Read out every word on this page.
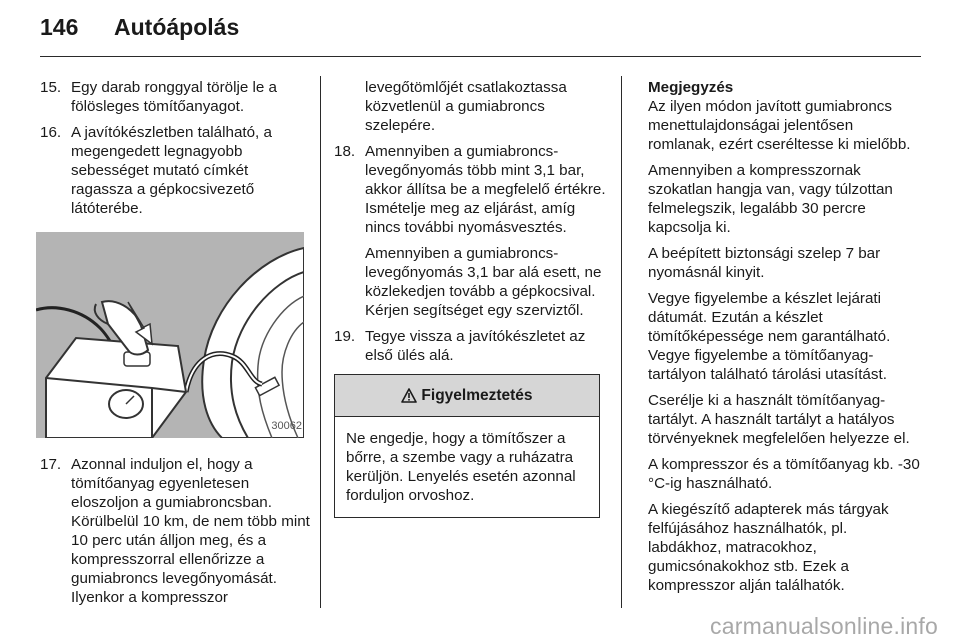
146 Autóápolás
15. Egy darab ronggyal törölje le a fölösleges tömítőanyagot.
16. A javítókészletben található, a megengedett legnagyobb sebességet mutató címkét ragassza a gépkocsivezető látóterébe.
30062
17. Azonnal induljon el, hogy a tömítőanyag egyenletesen eloszoljon a gumiabroncsban. Körülbelül 10 km, de nem több mint 10 perc után álljon meg, és a kompresszorral ellenőrizze a gumiabroncs levegőnyomását. Ilyenkor a kompresszor
levegőtömlőjét csatlakoztassa közvetlenül a gumiabroncs szelepére.
18. Amennyiben a gumiabroncs-levegőnyomás több mint 3,1 bar, akkor állítsa be a megfelelő értékre. Ismételje meg az eljárást, amíg nincs további nyomásvesztés.
Amennyiben a gumiabroncs-levegőnyomás 3,1 bar alá esett, ne közlekedjen tovább a gépkocsival. Kérjen segítséget egy szerviztől.
19. Tegye vissza a javítókészletet az első ülés alá.
Figyelmeztetés
Ne engedje, hogy a tömítőszer a bőrre, a szembe vagy a ruházatra kerüljön. Lenyelés esetén azonnal forduljon orvoshoz.
Megjegyzés

Az ilyen módon javított gumiabroncs menettulajdonságai jelentősen romlanak, ezért cseréltesse ki mielőbb.

Amennyiben a kompresszornak szokatlan hangja van, vagy túlzottan felmelegszik, legalább 30 percre kapcsolja ki.

A beépített biztonsági szelep 7 bar nyomásnál kinyit.

Vegye figyelembe a készlet lejárati dátumát. Ezután a készlet tömítőképessége nem garantálható. Vegye figyelembe a tömítőanyag-tartályon található tárolási utasítást.

Cserélje ki a használt tömítőanyag-tartályt. A használt tartályt a hatályos törvényeknek megfelelően helyezze el.

A kompresszor és a tömítőanyag kb. -30 °C-ig használható.

A kiegészítő adapterek más tárgyak felfújásához használhatók, pl. labdákhoz, matracokhoz, gumicsónakokhoz stb. Ezek a kompresszor alján találhatók.

carmanualsonline.info
